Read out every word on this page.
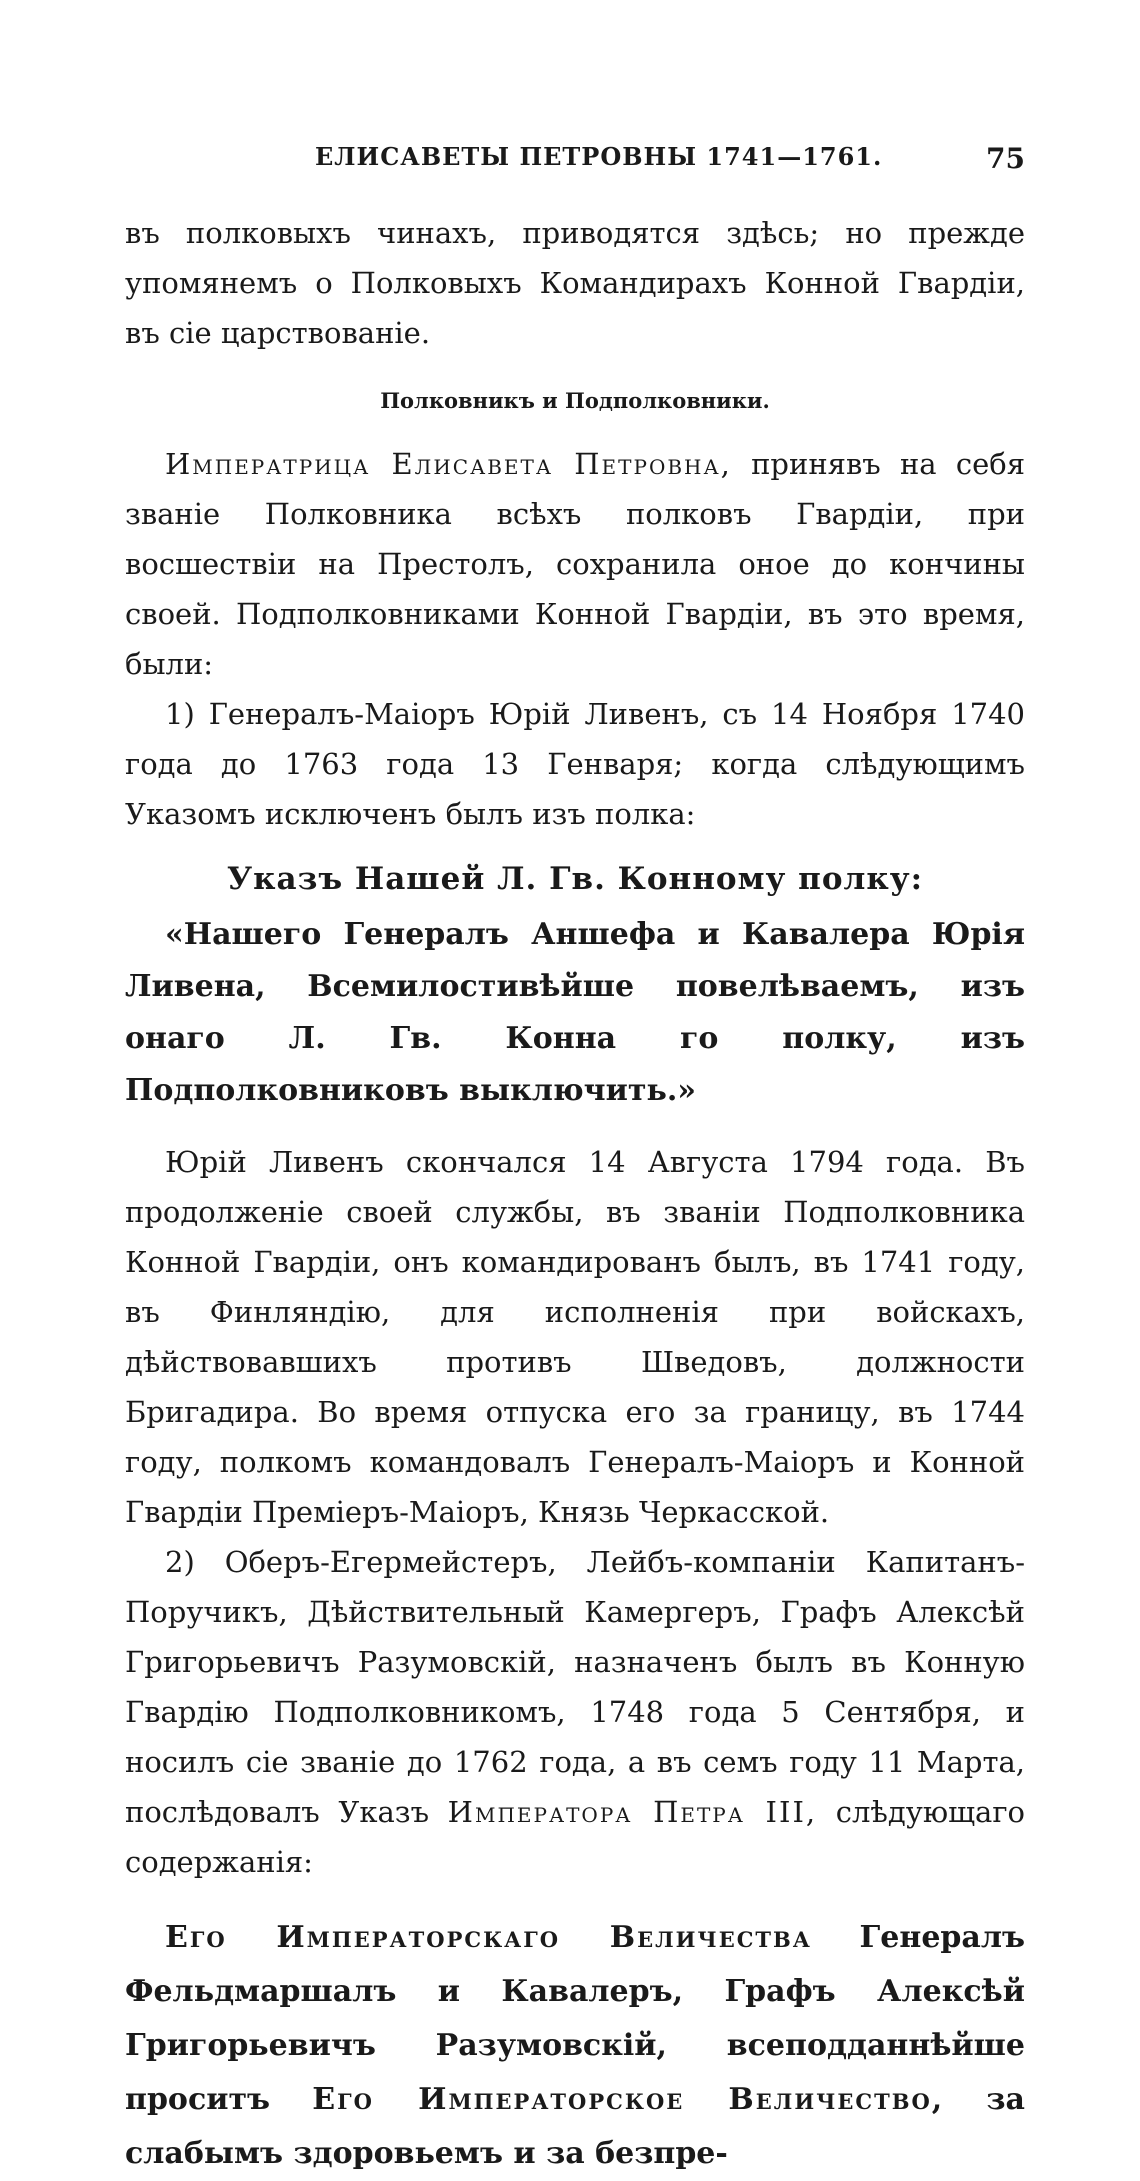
ЕЛИСАВЕТЫ ПЕТРОВНЫ 1741—1761.	75

въ полковыхъ чинахъ, приводятся здѣсь; но прежде упомянемъ о Полковыхъ Командирахъ Конной Гвардіи, въ сіе царствованіе.

Полковникъ и Подполковники.

Императрица Елисавета Петровна, принявъ на себя званіе Полковника всѣхъ полковъ Гвардіи, при восшествіи на Престолъ, сохранила оное до кончины своей. Подполковниками Конной Гвардіи, въ это время, были:

1) Генералъ-Маіоръ Юрій Ливенъ, съ 14 Ноября 1740 года до 1763 года 13 Генваря; когда слѣдующимъ Указомъ исключенъ былъ изъ полка:

Указъ Нашей Л. Гв. Конному полку:

«Нашего Генералъ Аншефа и Кавалера Юрія Ливена, Всемилостивѣйше повелѣваемъ, изъ онаго Л. Гв. Конна го полку, изъ Подполковниковъ выключить.»

Юрій Ливенъ скончался 14 Августа 1794 года. Въ продолженіе своей службы, въ званіи Подполковника Конной Гвардіи, онъ командированъ былъ, въ 1741 году, въ Финляндію, для исполненія при войскахъ, дѣйствовавшихъ противъ Шведовъ, должности Бригадира. Во время отпуска его за границу, въ 1744 году, полкомъ командовалъ Генералъ-Маіоръ и Конной Гвардіи Премiеръ-Маіоръ, Князь Черкасской.

2) Оберъ-Егермейстеръ, Лейбъ-компаніи Капитанъ-Поручикъ, Дѣйствительный Камергеръ, Графъ Алексѣй Григорьевичъ Разумовскій, назначенъ былъ въ Конную Гвардію Подполковникомъ, 1748 года 5 Сентября, и носилъ сіе званіе до 1762 года, а въ семъ году 11 Марта, послѣдовалъ Указъ Императора Петра III, слѣдующаго содержанія:

Его Императорскаго Величества Генералъ Фельдмаршалъ и Кавалеръ, Графъ Алексѣй Григорьевичъ Разумовскій, всеподданнѣйше проситъ Его Императорское Величество, за слабымъ здоровьемъ и за безпре-
